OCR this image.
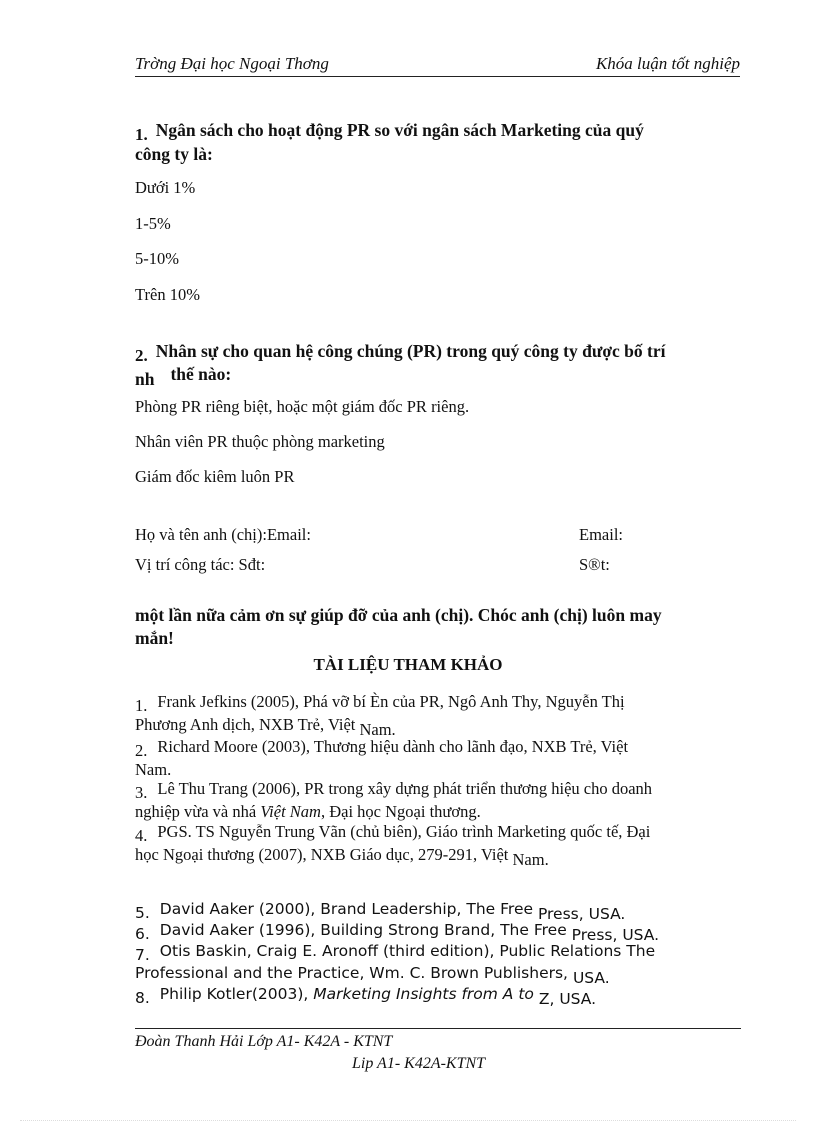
Trờng Đại học Ngoại Thơng	Khóa luận tốt nghiệp
1. Ngân sách cho hoạt động PR so với ngân sách Marketing của quý
công ty là:
Dưới 1%
1-5%
5-10%
Trên 10%
2. Nhân sự cho quan hệ công chúng (PR) trong quý công ty được bố trí
nh thế nào:
Phòng PR riêng biệt, hoặc một giám đốc PR riêng.
Nhân viên PR thuộc phòng marketing
Giám đốc kiêm luôn PR
Họ và tên anh (chị):Email:	Email:
Vị trí công tác: Sđt:	S®t:
một lần nữa cảm ơn sự giúp đỡ của anh (chị). Chóc anh (chị) luôn may
mắn!
TÀI LIỆU THAM KHẢO
1. Frank Jefkins (2005), Phá vỡ bí Èn của PR, Ngô Anh Thy, Nguyễn Thị
Phương Anh dịch, NXB Trẻ, Việt Nam.
2. Richard Moore (2003), Thương hiệu dành cho lãnh đạo, NXB Trẻ, Việt
Nam.
3. Lê Thu Trang (2006), PR trong xây dựng phát triển thương hiệu cho doanh
nghiệp vừa và nhá Việt Nam, Đại học Ngoại thương.
4. PGS. TS Nguyễn Trung Vãn (chủ biên), Giáo trình Marketing quốc tế, Đại
học Ngoại thương (2007), NXB Giáo dục, 279-291, Việt Nam.
5. David Aaker (2000), Brand Leadership, The Free Press, USA.
6. David Aaker (1996), Building Strong Brand, The Free Press, USA.
7. Otis Baskin, Craig E. Aronoff (third edition), Public Relations The
Professional and the Practice, Wm. C. Brown Publishers, USA.
8. Philip Kotler(2003), Marketing Insights from A to Z, USA.
Đoàn Thanh Hải Lớp A1- K42A - KTNT
Lip A1- K42A-KTNT
